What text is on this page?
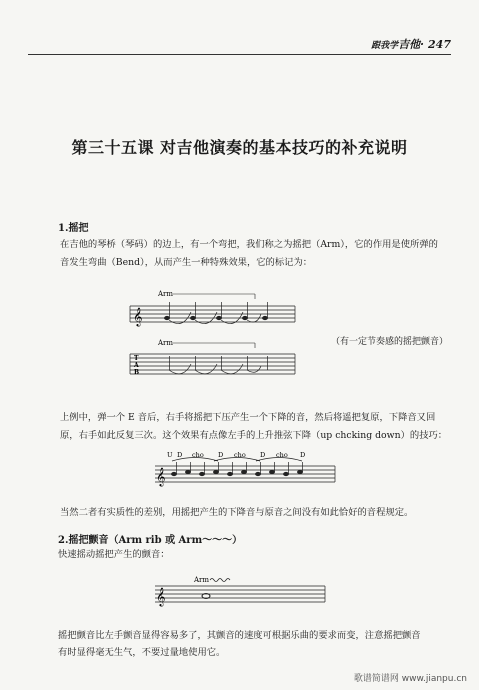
跟我学吉他· 247
第三十五课 对吉他演奏的基本技巧的补充说明
1.摇把
在吉他的琴桥（琴码）的边上，有一个弯把，我们称之为摇把（Arm），它的作用是使所弹的
音发生弯曲（Bend），从而产生一种特殊效果，它的标记为：
𝄞
Arm
T
A
B
Arm	（有一定节奏感的摇把颤音）
上例中，弹一个 E 音后，右手将摇把下压产生一个下降的音，然后将遥把复原，下降音又回
原，右手如此反复三次。这个效果有点像左手的上升推弦下降（up chcking down）的技巧：
U D cho D cho D cho D
𝄞
当然二者有实质性的差别，用摇把产生的下降音与原音之间没有如此恰好的音程规定。
2.摇把颤音（Arm rib 或 Arm～～～）
快速摇动摇把产生的颤音：
Arm
𝄞
摇把颤音比左手颤音显得容易多了，其颤音的速度可根据乐曲的要求而变，注意摇把颤音
有时显得毫无生气，不要过量地使用它。
歌谱简谱网 www.jianpu.cn
